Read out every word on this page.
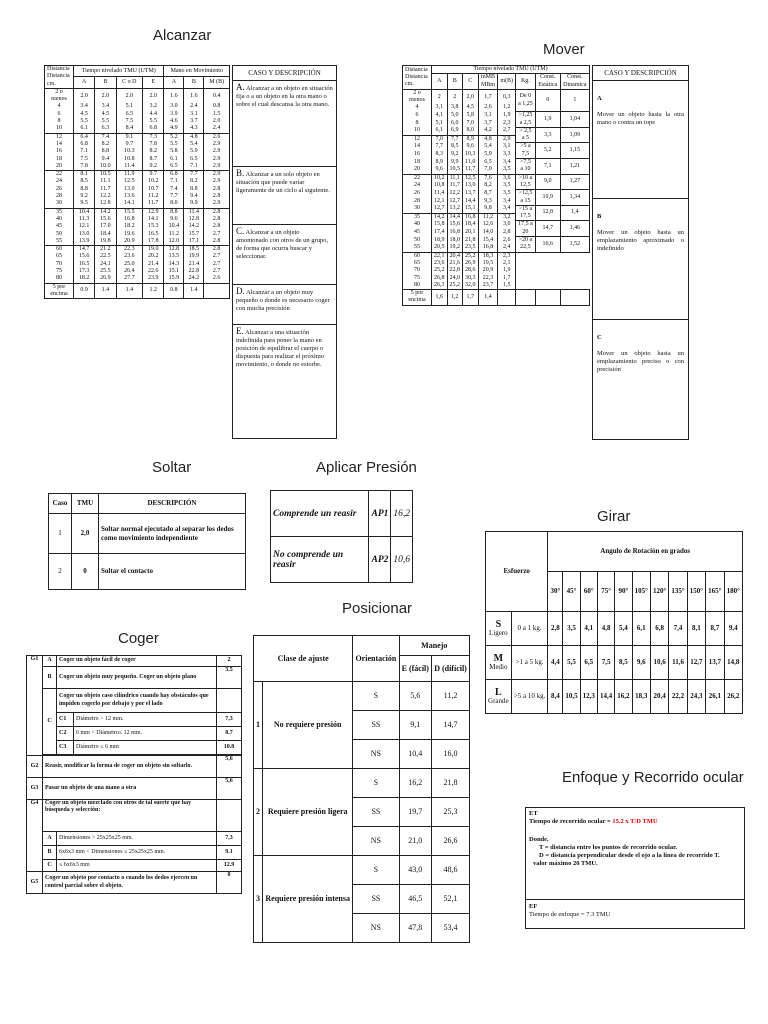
Alcanzar
Mover
Soltar	Aplicar Presión
Girar
Posicionar
Coger
Enfoque y Recorrido ocular
Distancia
Distancia cm.	Tiempo nivelado TMU (UTM)				Mano en Movimiento		
	A	B	C o D	E	A	B	M (B)
2 o menos	2.0	2.0	2.0	2.0	1.6	1.6	0.4
4	3.4	3.4	5.1	3.2	3.0	2.4	0.8
6	4.5	4.5	6.5	4.4	3.9	3.1	1.5
8	5.5	5.5	7.5	5.5	4.6	3.7	2.0
10	6.1	6.3	8.4	6.8	4.9	4.3	2.4
12	6.4	7.4	9.1	7.3	5.2	4.8	2.6
14	6.8	8.2	9.7	7.8	5.5	5.4	2.9
16	7.1	8.8	10.3	8.2	5.8	5.9	2.9
18	7.5	9.4	10.8	8.7	6.1	6.5	2.9
20	7.8	10.0	11.4	9.2	6.5	7.1	2.9
22	8.1	10.5	11.9	9.7	6.8	7.7	2.9
24	8.5	11.1	12.5	10.2	7.1	8.2	2.9
26	8.8	11.7	13.0	10.7	7.4	8.8	2.8
28	9.2	12.2	13.6	11.2	7.7	9.4	2.8
30	9.5	12.8	14.1	11.7	8.0	9.9	2.9
35	10.4	14.2	15.5	12.9	8.8	11.4	2.8
40	11.3	15.6	16.8	14.1	9.6	12.8	2.8
45	12.1	17.0	18.2	15.3	10.4	14.2	2.8
50	13.0	18.4	19.6	16.5	11.2	15.7	2.7
55	13.9	19.8	20.9	17.8	12.0	17.1	2.8
60	14.7	21.2	22.3	19.0	12.8	18.5	2.8
65	15.6	22.5	23.6	20.2	13.5	19.9	2.7
70	16.5	24.1	25.0	21.4	14.3	21.4	2.7
75	17.3	25.5	26.4	22.6	15.1	22.8	2.7
80	18.2	26.9	27.7	23.9	15.9	24.2	2.6
5 por encima	0.9	1.4	1.4	1.2	0.8	1.4	
CASO Y DESCRIPCIÓN
A. Alcanzar a un objeto en situación fija o a un objeto en la otra mano o sobre el cual descansa la otra mano.
B. Alcanzar a un solo objeto en situación que puede variar ligeramente de un ciclo al siguiente.
C. Alcanzar a un objeto amontonado con otros de un grupo, de forma que ocurra buscar y seleccionar.
D. Alcanzar a un objeto muy pequeño o donde es necesario coger con mucha precisión
E. Alcanzar a una situación indefinida para poner la mano en posición de equilibrar el cuerpo o dispuesta para realizar el próximo movimiento, o donde no estorbe.
Distancia
Distancia cm.	Tiempo nivelado TMU (UTM)							
	A	B	C	mMB MBm	m(B)	Kg.	Const. Estática	Const. Dinamica
2 o menos	2	2	2,0	1,7	0,3	De 0 a 1,25	0	1
4	3,1	3,8	4,5	2,6	1,2			
6	4,1	5,0	5,8	3,1	1,9	>1,25 a 2,5	1,9	1,04
8	5,1	6,0	7,0	3,7	2,3			
10	6,1	6,9	8,0	4,2	2,7	> 2,5 a 5	3,3	1,09
12	7,0	7,7	8,9	4,8	2,9			
14	7,7	8,5	9,6	5,4	3,1	>5 a 7,5	5,2	1,15
16	8,3	9,2	10,3	5,9	3,3			
18	8,9	9,9	11,0	6,5	3,4	>7,5 a 10	7,1	1,21
20	9,6	10,5	11,7	7,0	3,5			
22	10,2	11,1	12,5	7,6	3,6	>10 a 12,5	9,0	1,27
24	10,8	11,7	13,0	8,2	3,5			
26	11,4	12,2	13,7	8,7	3,5	>12,5 a 15	10,9	1,34
28	12,1	12,7	14,4	9,3	3,4			
30	12,7	13,2	15,1	9,8	3,4	>15 a 17,5	12,8	1,4
35	14,2	14,4	16,8	11,2	3,2			
40	15,8	15,6	18,4	12,6	3,0	17,5 a 20	14,7	1,46
45	17,4	16,8	20,1	14,0	2,8			
50	18,9	18,0	21,8	15,4	2,6	>20 a 22,5	16,6	1,52
55	20,5	19,2	23,5	16,8	2,4			
60	22,1	20,4	25,2	18,3	2,3			
65	23,6	21,6	26,9	19,5	2,1			
70	25,2	22,8	28,6	20,9	1,9			
75	26,8	24,0	30,3	22,3	1,7			
80	26,3	25,2	32,0	23,7	1,5			
5 por encima	1,6	1,2	1,7	1,4				
CASO Y DESCRIPCIÓN
A
Mover un objeto hasta la otra mano o contra un tope
B
Mover un objeto hasta un emplazamiento aproximado o indefinido
C
Mover un objeto hasta un emplazamiento preciso o con precisión
Caso	TMU	DESCRIPCIÓN
1	2,0	Soltar normal ejecutado al separar los dedos como movimiento independiente
2	0	Soltar el contacto
Comprende un reasir	AP1	16,2
No comprende un reasir	AP2	10,6
Esfuerzo		Angulo de Rotación en grados										
		30°	45°	60°	75°	90°	105°	120°	135°	150°	165°	180°

S
Ligero	0 a 1 kg.	2,8	3,5	4,1	4,8	5,4	6,1	6,8	7,4	8,1	8,7	9,4

M
Medio	>1 a 5 kg.	4,4	5,5	6,5	7,5	8,5	9,6	10,6	11,6	12,7	13,7	14,8

L
Grande	>5 a 10 kg.	8,4	10,5	12,3	14,4	16,2	18,3	20,4	22,2	24,3	26,1	26,2
Clase de ajuste		Orientación	Manejo	
			E (fácil)	D (difícil)
1	No requiere presión	S	5,6	11,2
		SS	9,1	14,7
		NS	10,4	16,0
2	Requiere presión ligera	S	16,2	21,8
		SS	19,7	25,3
		NS	21,0	26,6
3	Requiere presión intensa	S	43,0	48,6
		SS	46,5	52,1
		NS	47,8	53,4
G1	A	Coger un objeto fácil de coger		2
	B	Coger un objeto muy pequeño. Coger un objeto plano		3.5
	C	Coger un objeto caso cilíndrico cuando hay obstáculos que impiden cogerlo por debajo y por el lado		
		C1	Diámetro > 12 mm.	7,3
		C2	6 mm < Diámetro≤ 12 mm.	8.7
		C3	Diámetro ≤ 6 mm	10.8

G2	Reasir, modificar la forma de coger un objeto sin soltarlo.			5,6
G3	Pasar un objeto de una mano a otra			5,6
G4	Coger un objeto mezclado con otros de tal suerte que hay búsqueda y selección:			
	A	Dimensiones > 25x25x25 mm.		7,3
	B	6x6x3 mm < Dimensiones ≤ 25x25x25 mm.		9.1
	C	≤ 6x6x3 mm		12.9
G5	Coger un objeto por contacto o cuando los dedos ejercen un control parcial sobre el objeto.			0
ET
Tiempo de recorrido ocular = 15.2 x T/D TMU
Donde,
T = distancia entre los puntos de recorrido ocular.
D = distancia perpendicular desde el ojo a la línea de recorrido T.
valor máximo 20 TMU.
EF
Tiempo de enfoque = 7.3 TMU
